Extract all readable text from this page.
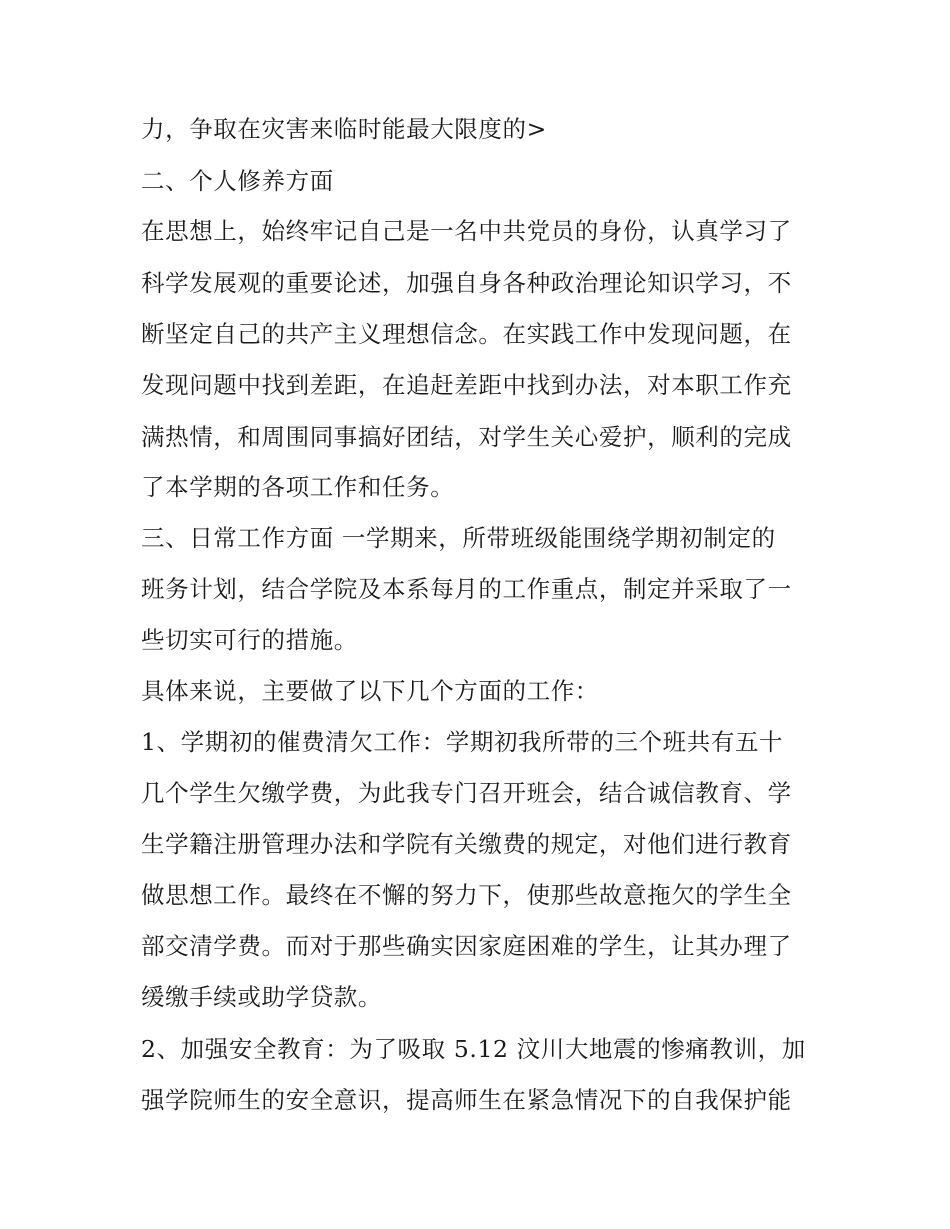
力，争取在灾害来临时能最大限度的>

二、个人修养方面

在思想上，始终牢记自己是一名中共党员的身份，认真学习了

科学发展观的重要论述，加强自身各种政治理论知识学习，不

断坚定自己的共产主义理想信念。在实践工作中发现问题，在

发现问题中找到差距，在追赶差距中找到办法，对本职工作充

满热情，和周围同事搞好团结，对学生关心爱护，顺利的完成

了本学期的各项工作和任务。

三、日常工作方面 一学期来，所带班级能围绕学期初制定的

班务计划，结合学院及本系每月的工作重点，制定并采取了一

些切实可行的措施。

具体来说，主要做了以下几个方面的工作：

1、学期初的催费清欠工作：学期初我所带的三个班共有五十

几个学生欠缴学费，为此我专门召开班会，结合诚信教育、学

生学籍注册管理办法和学院有关缴费的规定，对他们进行教育

做思想工作。最终在不懈的努力下，使那些故意拖欠的学生全

部交清学费。而对于那些确实因家庭困难的学生，让其办理了

缓缴手续或助学贷款。

2、加强安全教育：为了吸取 5.12 汶川大地震的惨痛教训，加

强学院师生的安全意识，提高师生在紧急情况下的自我保护能
